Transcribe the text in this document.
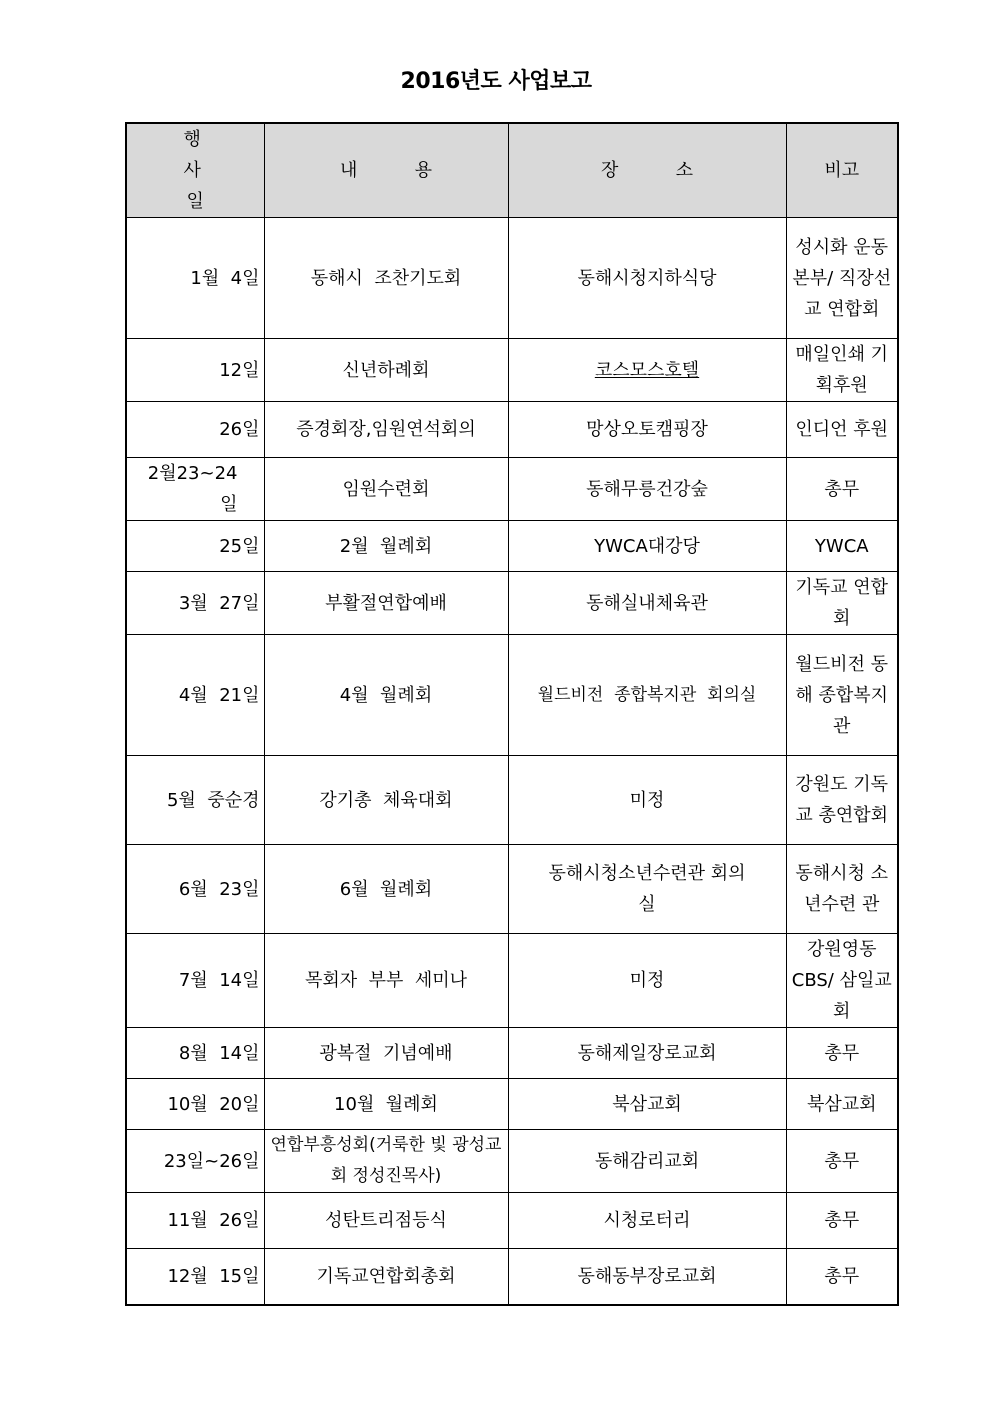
2016년도 사업보고
행 사
일	내          용	장          소	비고
1월  4일	동해시  조찬기도회	동해시청지하식당	성시화 운동본부/ 직장선교 연합회
12일	신년하례회	코스모스호텔	매일인쇄 기획후원
26일	증경회장,임원연석회의	망상오토캠핑장	인디언 후원
2월23~24일	임원수련회	동해무릉건강숲	총무
25일	2월  월례회	YWCA대강당	YWCA
3월  27일	부활절연합예배	동해실내체육관	기독교 연합회
4월  21일	4월  월례회	월드비전  종합복지관  회의실	월드비전 동해 종합복지 관
5월  중순경	강기총  체육대회	미정	강원도 기독교 총연합회
6월  23일	6월  월례회	동해시청소년수련관 회의실	동해시청 소년수련 관
7월  14일	목회자  부부  세미나	미정	강원영동 CBS/ 삼일교회
8월  14일	광복절  기념예배	동해제일장로교회	총무
10월  20일	10월  월례회	북삼교회	북삼교회
23일~26일	연합부흥성회(거룩한 빛 광성교회 정성진목사)	동해감리교회	총무
11월  26일	성탄트리점등식	시청로터리	총무
12월  15일	기독교연합회총회	동해동부장로교회	총무
